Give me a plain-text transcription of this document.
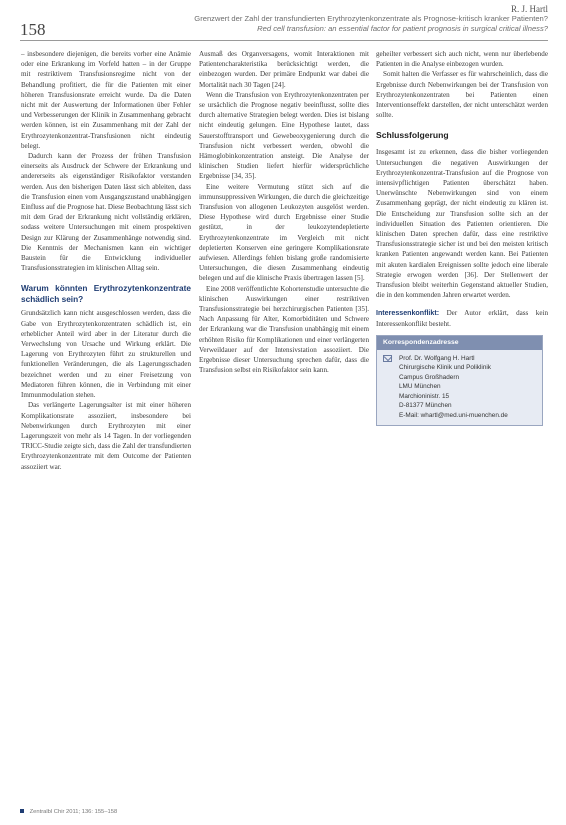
158
R. J. Hartl
Grenzwert der Zahl der transfundierten Erythrozytenkonzentrate als Prognose-kritisch kranker Patienten?
Red cell transfusion: an essential factor for patient prognosis in surgical critical illness?

– insbesondere diejenigen, die bereits vorher eine Anämie oder eine Erkrankung im Vorfeld hatten – in der Gruppe mit restriktivem Transfusionsregime nicht von der Behandlung profitiert, die für die Patienten mit einer höheren Transfusionsrate erreicht wurde. Da die Daten nicht mit der Auswertung der Informationen über Fehler und Verbesserungen der Klinik in Zusammenhang gebracht werden können, ist ein Zusammenhang mit der Zahl der Erythrozytenkonzentrat-Transfusionen nicht eindeutig belegt.

Dadurch kann der Prozess der frühen Transfusion einerseits als Ausdruck der Schwere der Erkrankung und andererseits als eigenständiger Risikofaktor verstanden werden. Aus den bisherigen Daten lässt sich ableiten, dass die Transfusion einen vom Ausgangszustand unabhängigen Einfluss auf die Prognose hat. Diese Beobachtung lässt sich mit dem Grad der Erkrankung nicht vollständig erklären, sodass weitere Untersuchungen mit einem prospektiven Design zur Klärung der Zusammenhänge notwendig sind. Die Kenntnis der Mechanismen kann ein wichtiger Baustein für die Entwicklung individueller Transfusionsstrategien im klinischen Alltag sein.

Warum könnten Erythrozytenkonzentrate schädlich sein?

Grundsätzlich kann nicht ausgeschlossen werden, dass die Gabe von Erythrozytenkonzentraten schädlich ist, ein erheblicher Anteil wird aber in der Literatur durch die Verwechslung von Ursache und Wirkung erklärt. Die Lagerung von Erythrozyten führt zu strukturellen und funktionellen Veränderungen, die als Lagerungsschaden bezeichnet werden und zu einer Freisetzung von Mediatoren führen können, die in Verbindung mit einer Immunmodulation stehen.

Das verlängerte Lagerungsalter ist mit einer höheren Komplikationsrate assoziiert, insbesondere bei Nebenwirkungen durch Erythrozyten mit einer Lagerungszeit von mehr als 14 Tagen. In der vorliegenden TRICC-Studie zeigte sich, dass die Zahl der transfundierten Erythrozytenkonzentrate mit dem Outcome der Patienten assoziiert war.

Ausmaß des Organversagens, womit Interaktionen mit Patientencharakteristika berücksichtigt werden, die einbezogen wurden. Der primäre Endpunkt war dabei die Mortalität nach 30 Tagen [24].

Wenn die Transfusion von Erythrozytenkonzentraten per se ursächlich die Prognose negativ beeinflusst, sollte dies durch alternative Strategien belegt werden. Dies ist bislang nicht eindeutig gelungen. Eine Hypothese lautet, dass Sauerstofftransport und Gewebeoxygenierung durch die Transfusion nicht verbessert werden, obwohl die Hämoglobinkonzentration ansteigt. Die Analyse der klinischen Studien liefert hierfür widersprüchliche Ergebnisse [34, 35].

Eine weitere Vermutung stützt sich auf die immunsuppressiven Wirkungen, die durch die gleichzeitige Transfusion von allogenen Leukozyten ausgelöst werden. Diese Hypothese wird durch Ergebnisse einer Studie gestützt, in der leukozytendepletierte Erythrozytenkonzentrate im Vergleich mit nicht depletierten Konserven eine geringere Komplikationsrate aufwiesen. Allerdings fehlen bislang große randomisierte Untersuchungen, die diesen Zusammenhang eindeutig belegen und auf die klinische Praxis übertragen lassen [5].

Eine 2008 veröffentlichte Kohortenstudie untersuchte die klinischen Auswirkungen einer restriktiven Transfusionsstrategie bei herzchirurgischen Patienten [35]. Nach Anpassung für Alter, Komorbiditäten und Schwere der Erkrankung war die Transfusion unabhängig mit einem erhöhten Risiko für Komplikationen und einer verlängerten Verweildauer auf der Intensivstation assoziiert. Die Ergebnisse dieser Untersuchung sprechen dafür, dass die Transfusion selbst ein Risikofaktor sein kann.

geheilter verbessert sich auch nicht, wenn nur überlebende Patienten in die Analyse einbezogen wurden.

Somit halten die Verfasser es für wahrscheinlich, dass die Ergebnisse durch Nebenwirkungen bei der Transfusion von Erythrozytenkonzentraten bei Patienten einen Interventionseffekt darstellen, der nicht unterschätzt werden sollte.

Schlussfolgerung

Insgesamt ist zu erkennen, dass die bisher vorliegenden Untersuchungen die negativen Auswirkungen der Erythrozytenkonzentrat-Transfusion auf die Prognose von intensivpflichtigen Patienten überschätzt haben. Unerwünschte Nebenwirkungen sind von einem Zusammenhang geprägt, der nicht eindeutig zu klären ist. Die Entscheidung zur Transfusion sollte sich an der individuellen Situation des Patienten orientieren. Die klinischen Daten sprechen dafür, dass eine restriktive Transfusionsstrategie sicher ist und bei den meisten kritisch kranken Patienten angewandt werden kann. Bei Patienten mit akuten kardialen Ereignissen sollte jedoch eine liberale Strategie erwogen werden [36]. Der Stellenwert der Transfusion bleibt weiterhin Gegenstand aktueller Studien, die in den kommenden Jahren erwartet werden.

Interessenkonflikt: Der Autor erklärt, dass kein Interessenkonflikt besteht.

Korrespondenzadresse
Prof. Dr. Wolfgang H. Hartl
Chirurgische Klinik und Poliklinik
Campus Großhadern
LMU München
Marchioninistr. 15
D-81377 München
E-Mail: whartl@med.uni-muenchen.de
Zentralbl Chir 2011; 136: 155–158
